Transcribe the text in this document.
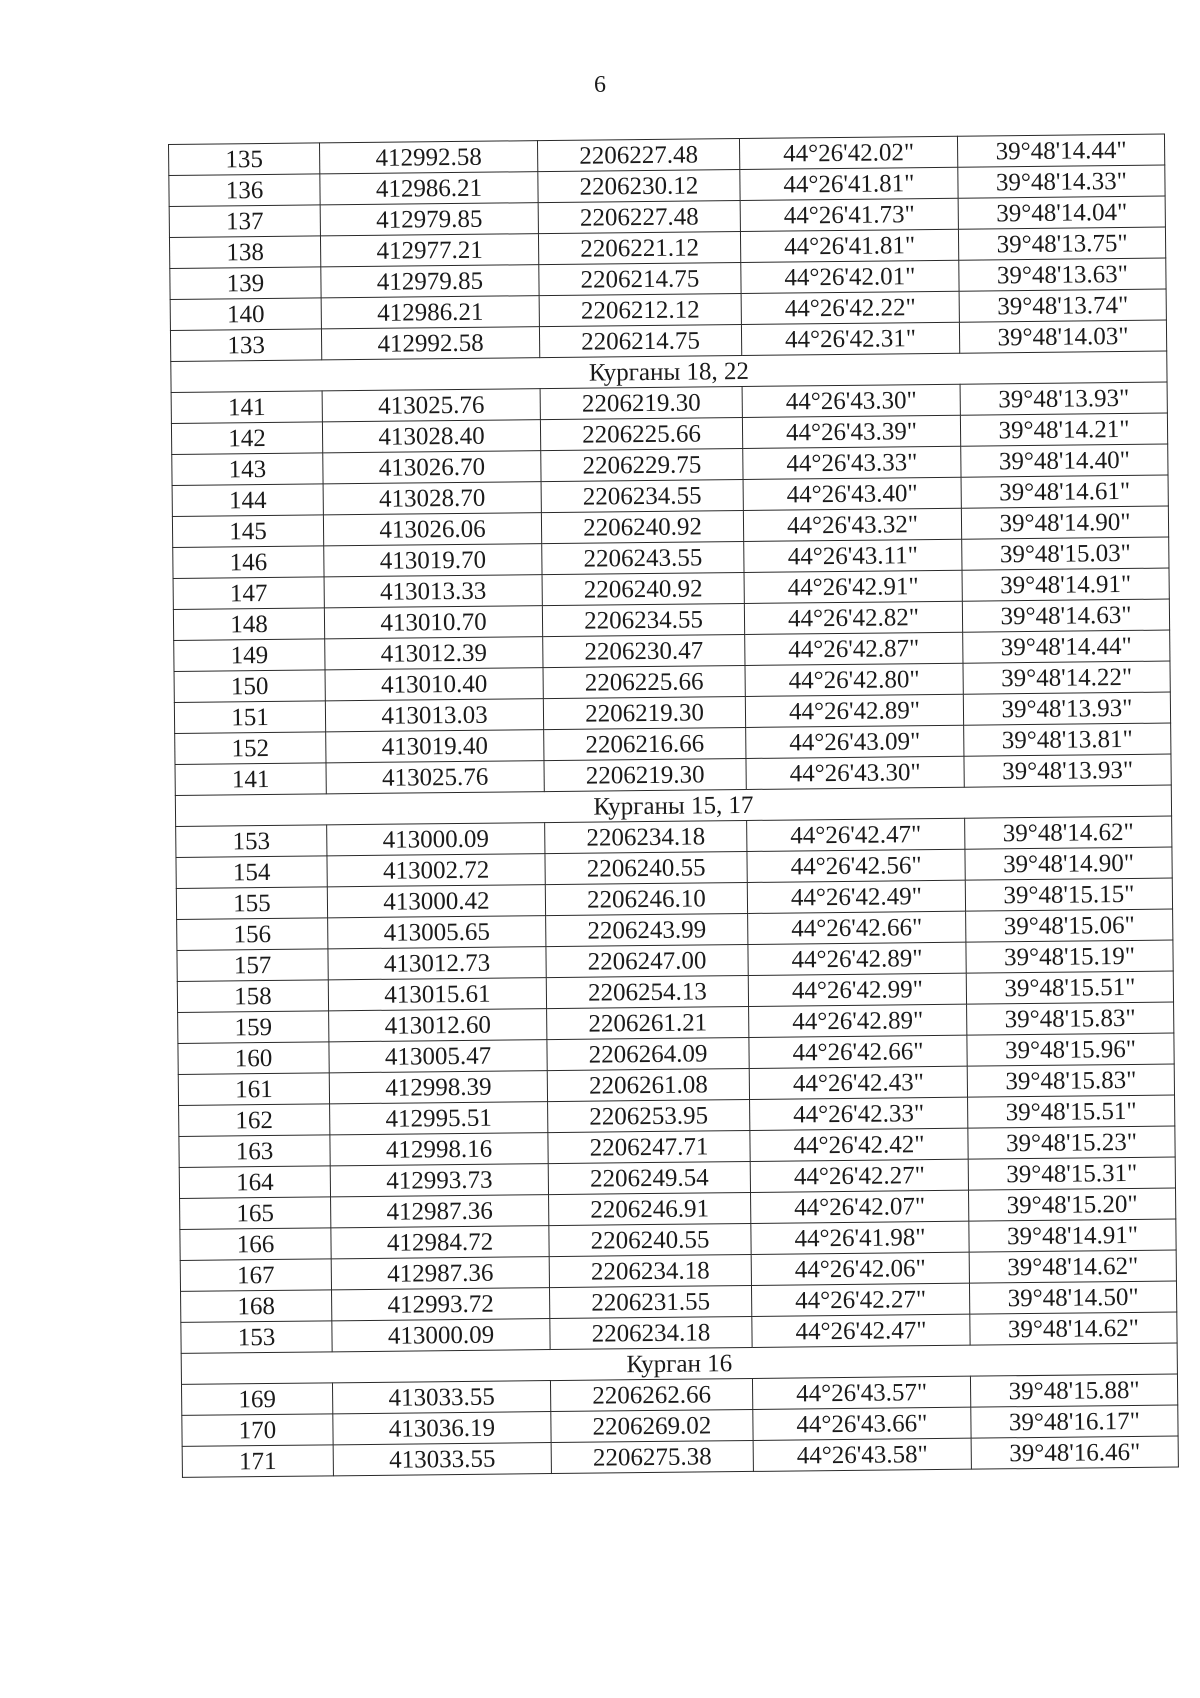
6
135	412992.58	2206227.48	44°26'42.02"	39°48'14.44"
136	412986.21	2206230.12	44°26'41.81"	39°48'14.33"
137	412979.85	2206227.48	44°26'41.73"	39°48'14.04"
138	412977.21	2206221.12	44°26'41.81"	39°48'13.75"
139	412979.85	2206214.75	44°26'42.01"	39°48'13.63"
140	412986.21	2206212.12	44°26'42.22"	39°48'13.74"
133	412992.58	2206214.75	44°26'42.31"	39°48'14.03"
Курганы 18, 22				
141	413025.76	2206219.30	44°26'43.30"	39°48'13.93"
142	413028.40	2206225.66	44°26'43.39"	39°48'14.21"
143	413026.70	2206229.75	44°26'43.33"	39°48'14.40"
144	413028.70	2206234.55	44°26'43.40"	39°48'14.61"
145	413026.06	2206240.92	44°26'43.32"	39°48'14.90"
146	413019.70	2206243.55	44°26'43.11"	39°48'15.03"
147	413013.33	2206240.92	44°26'42.91"	39°48'14.91"
148	413010.70	2206234.55	44°26'42.82"	39°48'14.63"
149	413012.39	2206230.47	44°26'42.87"	39°48'14.44"
150	413010.40	2206225.66	44°26'42.80"	39°48'14.22"
151	413013.03	2206219.30	44°26'42.89"	39°48'13.93"
152	413019.40	2206216.66	44°26'43.09"	39°48'13.81"
141	413025.76	2206219.30	44°26'43.30"	39°48'13.93"
Курганы 15, 17				
153	413000.09	2206234.18	44°26'42.47"	39°48'14.62"
154	413002.72	2206240.55	44°26'42.56"	39°48'14.90"
155	413000.42	2206246.10	44°26'42.49"	39°48'15.15"
156	413005.65	2206243.99	44°26'42.66"	39°48'15.06"
157	413012.73	2206247.00	44°26'42.89"	39°48'15.19"
158	413015.61	2206254.13	44°26'42.99"	39°48'15.51"
159	413012.60	2206261.21	44°26'42.89"	39°48'15.83"
160	413005.47	2206264.09	44°26'42.66"	39°48'15.96"
161	412998.39	2206261.08	44°26'42.43"	39°48'15.83"
162	412995.51	2206253.95	44°26'42.33"	39°48'15.51"
163	412998.16	2206247.71	44°26'42.42"	39°48'15.23"
164	412993.73	2206249.54	44°26'42.27"	39°48'15.31"
165	412987.36	2206246.91	44°26'42.07"	39°48'15.20"
166	412984.72	2206240.55	44°26'41.98"	39°48'14.91"
167	412987.36	2206234.18	44°26'42.06"	39°48'14.62"
168	412993.72	2206231.55	44°26'42.27"	39°48'14.50"
153	413000.09	2206234.18	44°26'42.47"	39°48'14.62"
Курган 16				
169	413033.55	2206262.66	44°26'43.57"	39°48'15.88"
170	413036.19	2206269.02	44°26'43.66"	39°48'16.17"
171	413033.55	2206275.38	44°26'43.58"	39°48'16.46"
